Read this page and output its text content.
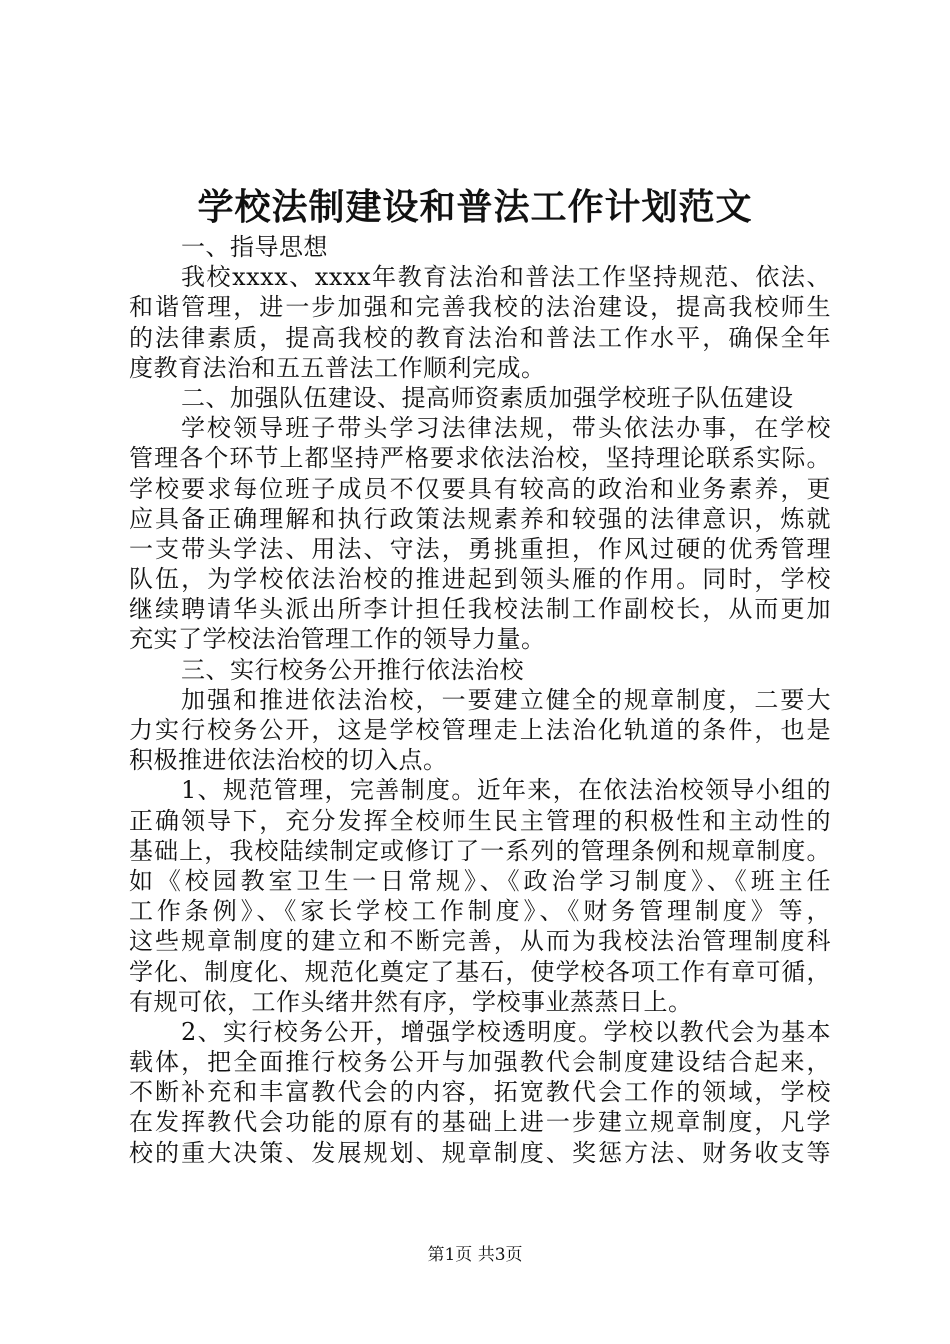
学校法制建设和普法工作计划范文
一、指导思想
我校xxxx、xxxx年教育法治和普法工作坚持规范、依法、
和谐管理，进一步加强和完善我校的法治建设，提高我校师生
的法律素质，提高我校的教育法治和普法工作水平，确保全年
度教育法治和五五普法工作顺利完成。
二、加强队伍建设、提高师资素质加强学校班子队伍建设
学校领导班子带头学习法律法规，带头依法办事，在学校
管理各个环节上都坚持严格要求依法治校，坚持理论联系实际。
学校要求每位班子成员不仅要具有较高的政治和业务素养，更
应具备正确理解和执行政策法规素养和较强的法律意识，炼就
一支带头学法、用法、守法，勇挑重担，作风过硬的优秀管理
队伍，为学校依法治校的推进起到领头雁的作用。同时，学校
继续聘请华头派出所李计担任我校法制工作副校长，从而更加
充实了学校法治管理工作的领导力量。
三、实行校务公开推行依法治校
加强和推进依法治校，一要建立健全的规章制度，二要大
力实行校务公开，这是学校管理走上法治化轨道的条件，也是
积极推进依法治校的切入点。
1、规范管理，完善制度。近年来，在依法治校领导小组的
正确领导下，充分发挥全校师生民主管理的积极性和主动性的
基础上，我校陆续制定或修订了一系列的管理条例和规章制度。
如《校园教室卫生一日常规》、《政治学习制度》、《班主任
工作条例》、《家长学校工作制度》、《财务管理制度》等，
这些规章制度的建立和不断完善，从而为我校法治管理制度科
学化、制度化、规范化奠定了基石，使学校各项工作有章可循，
有规可依，工作头绪井然有序，学校事业蒸蒸日上。
2、实行校务公开，增强学校透明度。学校以教代会为基本
载体，把全面推行校务公开与加强教代会制度建设结合起来，
不断补充和丰富教代会的内容，拓宽教代会工作的领域，学校
在发挥教代会功能的原有的基础上进一步建立规章制度，凡学
校的重大决策、发展规划、规章制度、奖惩方法、财务收支等
第1页 共3页
